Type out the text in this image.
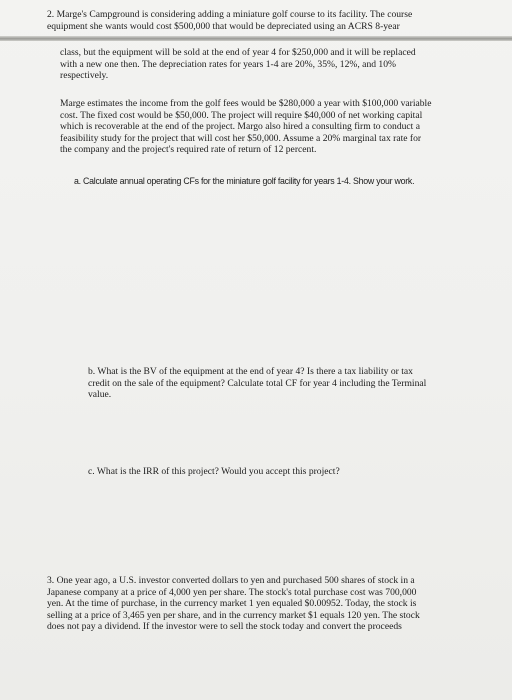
2. Marge's Campground is considering adding a miniature golf course to its facility. The course
equipment she wants would cost $500,000 that would be depreciated using an ACRS 8-year

class, but the equipment will be sold at the end of year 4 for $250,000 and it will be replaced
with a new one then. The depreciation rates for years 1-4 are 20%, 35%, 12%, and 10%
respectively.

Marge estimates the income from the golf fees would be $280,000 a year with $100,000 variable
cost. The fixed cost would be $50,000. The project will require $40,000 of net working capital
which is recoverable at the end of the project. Margo also hired a consulting firm to conduct a
feasibility study for the project that will cost her $50,000. Assume a 20% marginal tax rate for
the company and the project's required rate of return of 12 percent.

a. Calculate annual operating CFs for the miniature golf facility for years 1-4. Show your work.

b. What is the BV of the equipment at the end of year 4? Is there a tax liability or tax
credit on the sale of the equipment? Calculate total CF for year 4 including the Terminal
value.

c. What is the IRR of this project? Would you accept this project?

3. One year ago, a U.S. investor converted dollars to yen and purchased 500 shares of stock in a
Japanese company at a price of 4,000 yen per share. The stock's total purchase cost was 700,000
yen. At the time of purchase, in the currency market 1 yen equaled $0.00952. Today, the stock is
selling at a price of 3,465 yen per share, and in the currency market $1 equals 120 yen. The stock
does not pay a dividend. If the investor were to sell the stock today and convert the proceeds
